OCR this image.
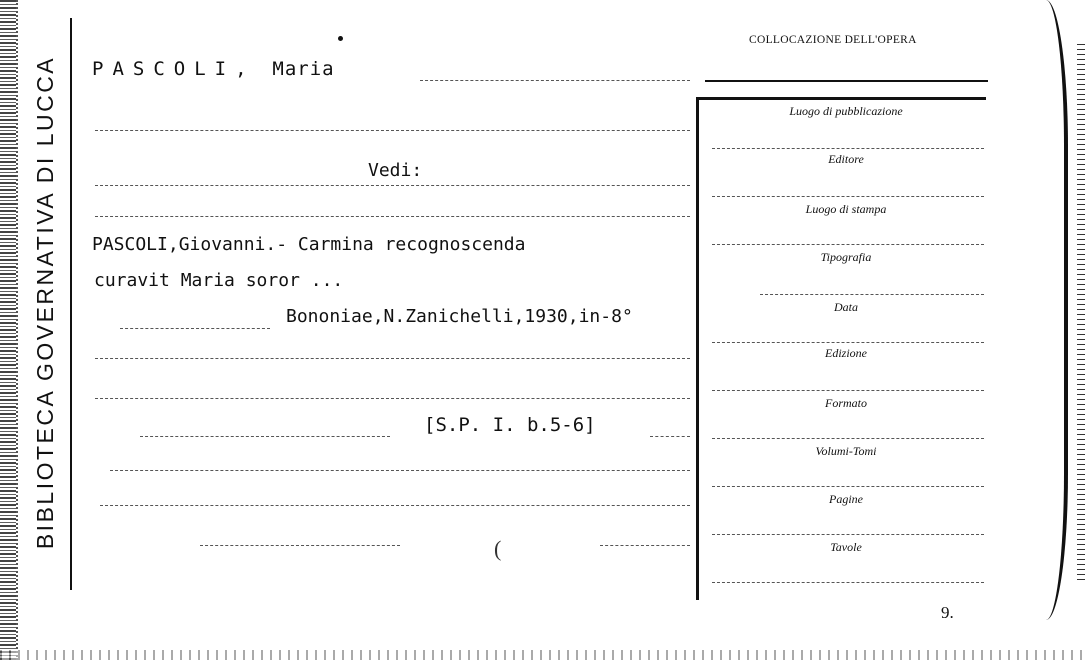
BIBLIOTECA GOVERNATIVA DI LUCCA
COLLOCAZIONE DELL'OPERA
PASCOLI, Maria
Vedi:
PASCOLI,Giovanni.- Carmina recognoscenda
curavit Maria soror ...
Bononiae,N.Zanichelli,1930,in-8°
[S.P. I. b.5-6]
(
Luogo di pubblicazione
Editore
Luogo di stampa
Tipografia
Data
Edizione
Formato
Volumi-Tomi
Pagine
Tavole
9.
